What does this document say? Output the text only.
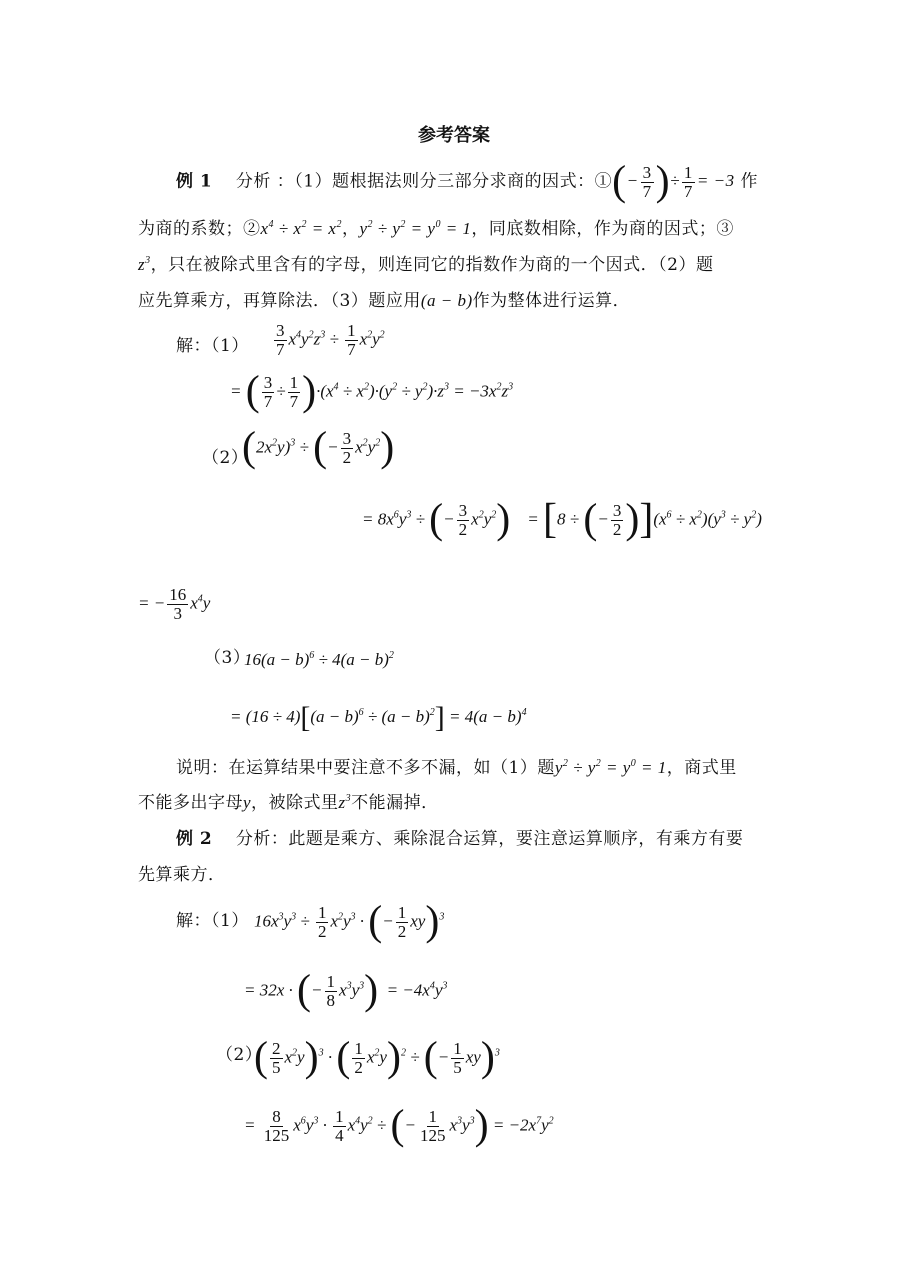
参考答案
例 1 分析 ：（1）题根据法则分三部分求商的因式：①(− $\frac{3}{7}$ )÷ $\frac{1}{7} = -3$ 作
为商的系数；$②x^4 \div x^2 = x^2$，$y^2 \div y^2 = y^0 = 1$，同底数相除，作为商的因式；③
$z^3$，只在被除式里含有的字母，则连同它的指数作为商的一个因式．（2）题
应先算乘方，再算除法．（3）题应用(a − b)作为整体进行运算．
解：$(1) \frac{3}{7} x^4y^2z^3 \div \frac{1}{7} x^2y^2$
= ( $\frac{3}{7} \div \frac{1}{7} )\cdot(x^4 \div x^2)\cdot(y^2 \div y^2)\cdot z^3 = -3x^2z^3$
（2）
$(2x^2y)^3$ ÷ (− $\frac{3}{2} x^2y^2$)
= $8x^6y^3$ ÷ (− $\frac{3}{2} x^2y^2$)    = [8 ÷ (− $\frac{3}{2} )](x^6 \div x^2)(y^3 \div y^2)$
= − $\frac{16}{3} x^4y$
（3）
$16(a - b)^6 \div 4(a - b)^2$
= $(16 \div 4)[(a - b)^6 \div (a - b)^2] = 4(a - b)^4$
说明：在运算结果中要注意不多不漏，如（1）题$y^2 \div y^2 = y^0 = 1$，商式里
不能多出字母y，被除式里$z^3$不能漏掉．
例 2 分析：此题是乘方、乘除混合运算，要注意运算顺序，有乘方有要
先算乘方．
解：（1） $16x^3y^3 \div \frac{1}{2} x^2y^3$ · (− $\frac{1}{2} xy)^3$
= 32x · (− $\frac{1}{8} x^3y^3) = -4x^4y^3$
（2）
( $\frac{2}{5} x^2y)^3$ · ( $\frac{1}{2} x^2y)^2$ ÷ (− $\frac{1}{5} xy)^3$
= $\frac{8}{125} x^6y^3 \cdot \frac{1}{4} x^4y^2$ ÷ (− $\frac{1}{125} x^3y^3) = -2x^7y^2$
